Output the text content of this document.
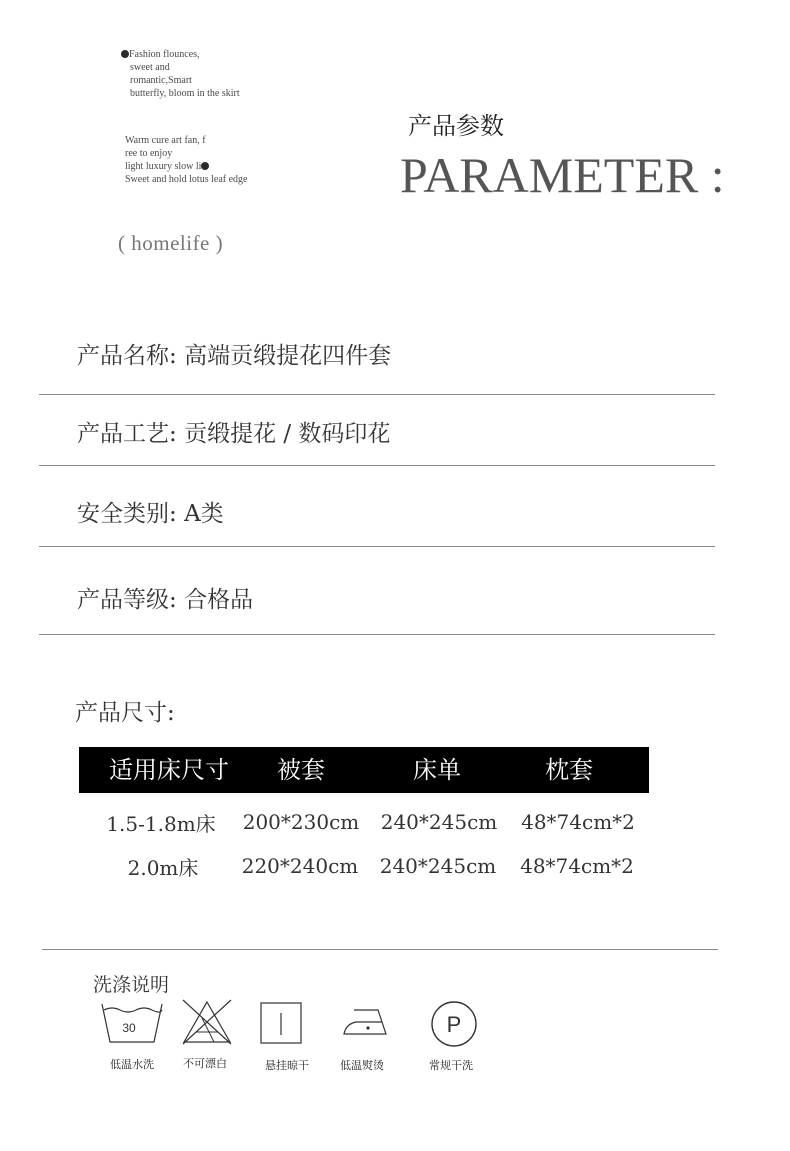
Fashion flounces,
sweet and
romantic,Smart
butterfly, bloom in the skirt
Warm cure art fan, f
ree to enjoy
light luxury slow li
Sweet and hold lotus leaf edge
( homelife )
产品参数
PARAMETER :
产品名称: 高端贡缎提花四件套
产品工艺: 贡缎提花 / 数码印花
安全类别: A类
产品等级: 合格品
产品尺寸:
适用床尺寸	被套	床单	枕套
1.5-1.8m床	200*230cm	240*245cm	48*74cm*2
2.0m床	220*240cm	240*245cm	48*74cm*2
洗涤说明
30	P
低温水洗	不可漂白	悬挂晾干	低温熨烫	常规干洗
